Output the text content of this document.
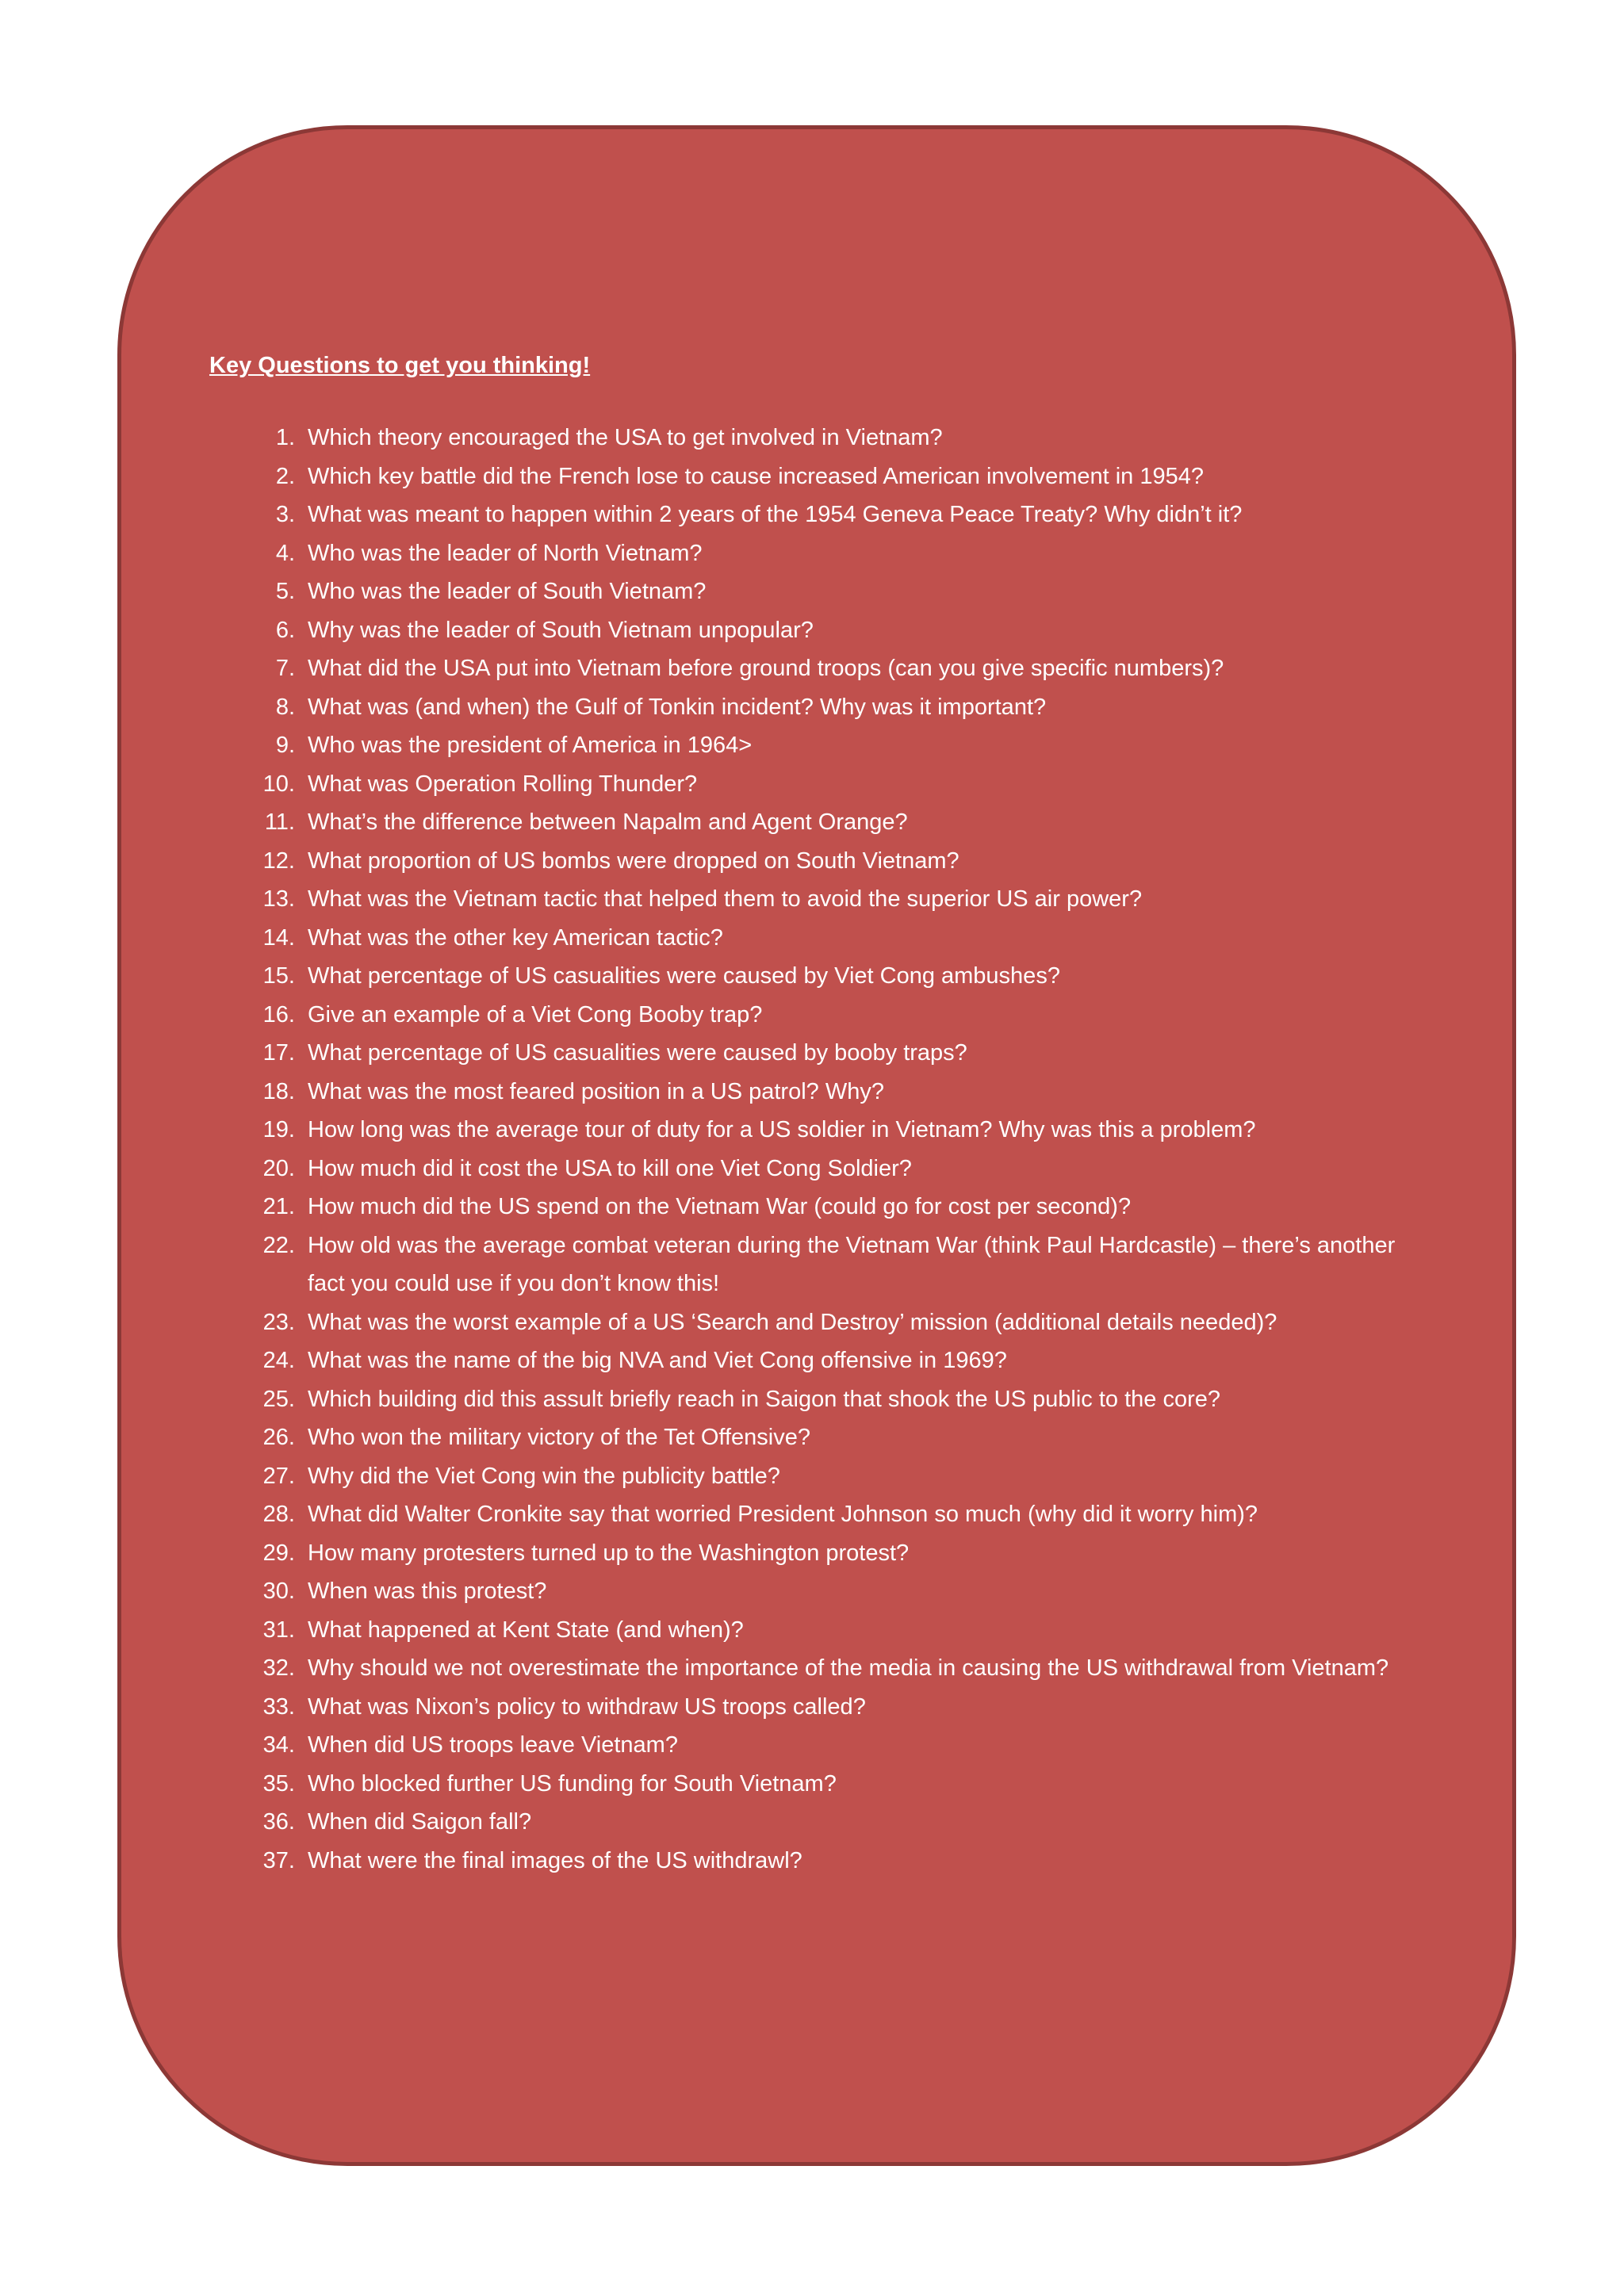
Key Questions to get you thinking!
1. Which theory encouraged the USA to get involved in Vietnam?
2. Which key battle did the French lose to cause increased American involvement in 1954?
3. What was meant to happen within 2 years of the 1954 Geneva Peace Treaty? Why didn’t it?
4. Who was the leader of North Vietnam?
5. Who was the leader of South Vietnam?
6. Why was the leader of South Vietnam unpopular?
7. What did the USA put into Vietnam before ground troops (can you give specific numbers)?
8. What was (and when) the Gulf of Tonkin incident? Why was it important?
9. Who was the president of America in 1964>
10. What was Operation Rolling Thunder?
11. What’s the difference between Napalm and Agent Orange?
12. What proportion of US bombs were dropped on South Vietnam?
13. What was the Vietnam tactic that helped them to avoid the superior US air power?
14. What was the other key American tactic?
15. What percentage of US casualities were caused by Viet Cong ambushes?
16. Give an example of a Viet Cong Booby trap?
17. What percentage of US casualities were caused by booby traps?
18. What was the most feared position in a US patrol? Why?
19. How long was the average tour of duty for a US soldier in Vietnam? Why was this a problem?
20. How much did it cost the USA to kill one Viet Cong Soldier?
21. How much did the US spend on the Vietnam War (could go for cost per second)?
22. How old was the average combat veteran during the Vietnam War (think Paul Hardcastle) – there’s another fact you could use if you don’t know this!
23. What was the worst example of a US ‘Search and Destroy’ mission (additional details needed)?
24. What was the name of the big NVA and Viet Cong offensive in 1969?
25. Which building did this assult briefly reach in Saigon that shook the US public to the core?
26. Who won the military victory of the Tet Offensive?
27. Why did the Viet Cong win the publicity battle?
28. What did Walter Cronkite say that worried President Johnson so much (why did it worry him)?
29. How many protesters turned up to the Washington protest?
30. When was this protest?
31. What happened at Kent State (and when)?
32. Why should we not overestimate the importance of the media in causing the US withdrawal from Vietnam?
33. What was Nixon’s policy to withdraw US troops called?
34. When did US troops leave Vietnam?
35. Who blocked further US funding for South Vietnam?
36. When did Saigon fall?
37. What were the final images of the US withdrawl?
